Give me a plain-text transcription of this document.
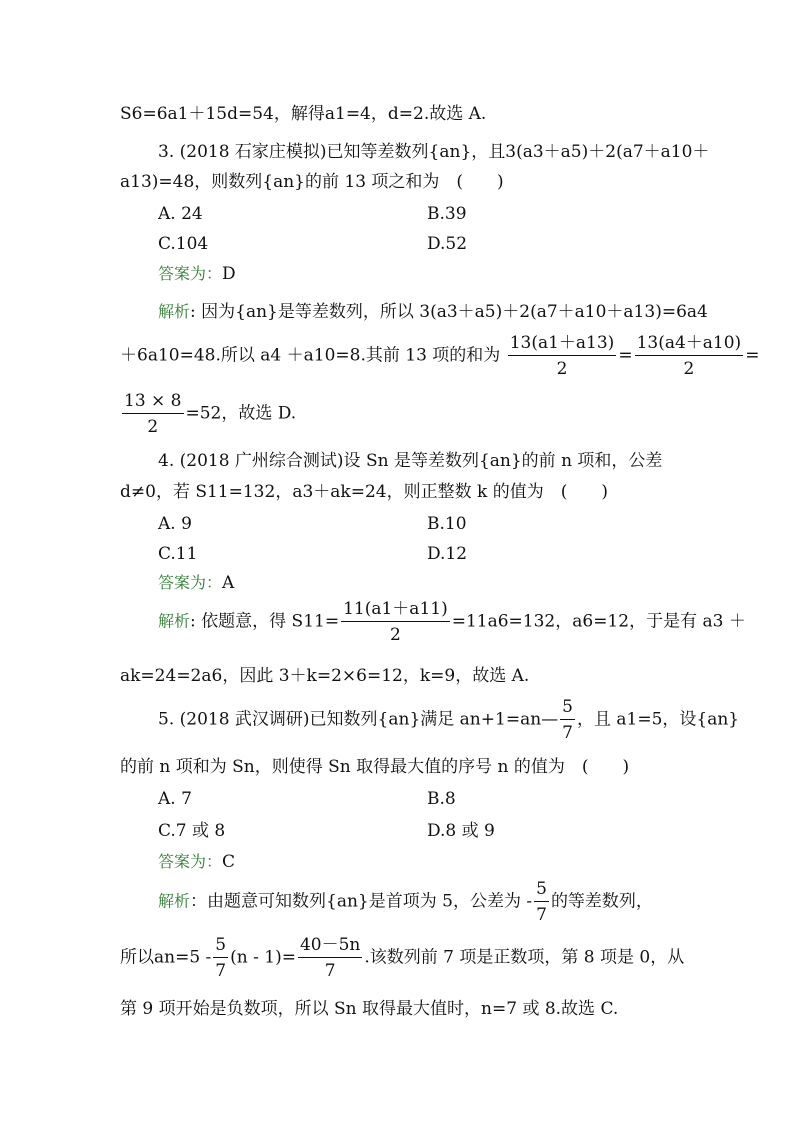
S6=6a1＋15d=54，解得a1=4，d=2.故选 A.
3. (2018 石家庄模拟)已知等差数列{an}，且3(a3＋a5)＋2(a7＋a10＋
a13)=48，则数列{an}的前 13 项之和为　(　　)
A. 24	B.39
C.104	D.52
答案为：D
解析: 因为{an}是等差数列，所以 3(a3＋a5)＋2(a7＋a10＋a13)=6a4
＋6a10=48.所以 a4 ＋a10=8.其前 13 项的和为 $\frac{13(a1+a13)}{2} = \frac{13(a4+a10)}{2}$ =
$\frac{13 \times 8}{2} =52$，故选 D.
4. (2018 广州综合测试)设 Sn 是等差数列{an}的前 n 项和，公差
d≠0，若 S11=132，a3＋ak=24，则正整数 k 的值为　(　　)
A. 9	B.10
C.11	D.12
答案为：A
解析: 依题意，得 $S11= \frac{11(a1+a11)}{2} =11a6=132$，a6=12，于是有 a3 ＋
ak=24=2a6，因此 3＋k=2×6=12，k=9，故选 A.
5. (2018 武汉调研)已知数列{an}满足 an+1=an— $\frac{5}{7}$ ，且 a1=5，设{an}
的前 n 项和为 Sn，则使得 Sn 取得最大值的序号 n 的值为　(　　)
A. 7	B.8
C.7 或 8	D.8 或 9
答案为：C
解析：由题意可知数列{an}是首项为 5，公差为 - $\frac{5}{7}$ 的等差数列，
所以$an=5 - \frac{5}{7} (n - 1)= \frac{40-5n}{7}$ .该数列前 7 项是正数项，第 8 项是 0，从
第 9 项开始是负数项，所以 Sn 取得最大值时，n=7 或 8.故选 C.
